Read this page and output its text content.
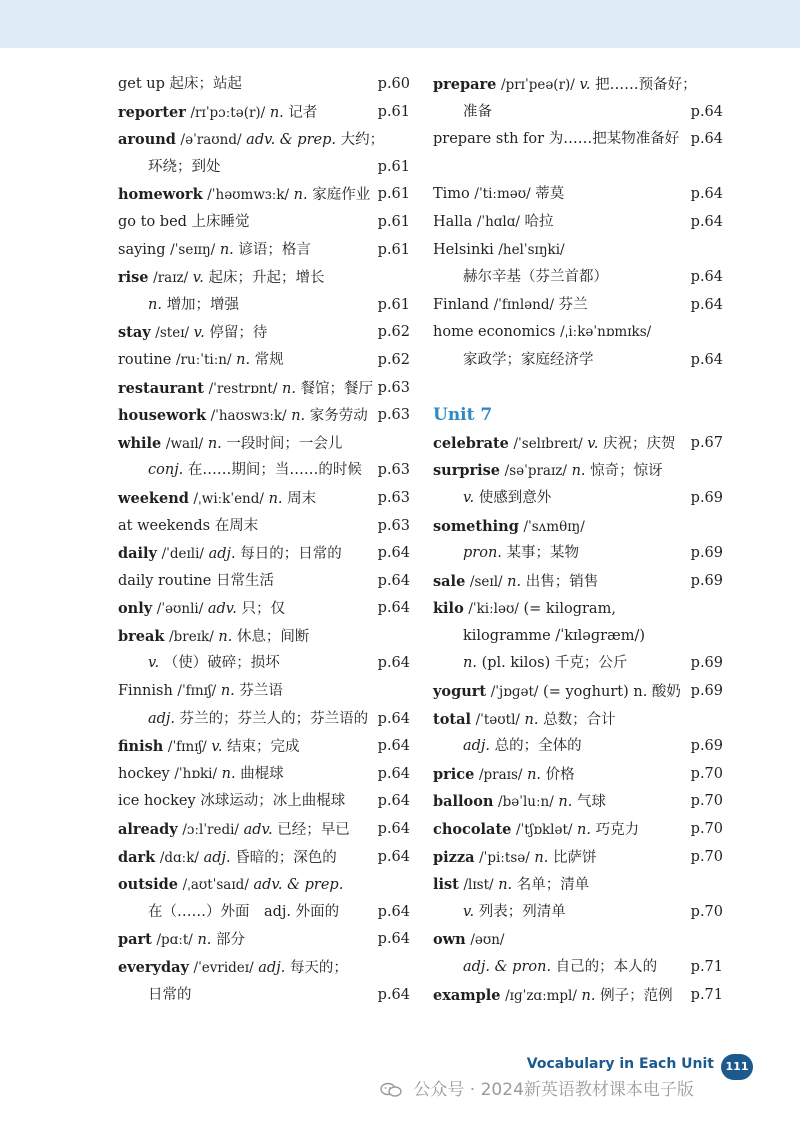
get up 起床；站起	p.60
reporter /rɪˈpɔːtə(r)/ n. 记者	p.61
around /əˈraʊnd/ adv. & prep. 大约；
环绕；到处	p.61
homework /ˈhəʊmwɜːk/ n. 家庭作业 p.61
go to bed 上床睡觉	p.61
saying /ˈseɪɪŋ/ n. 谚语；格言	p.61
rise /raɪz/ v. 起床；升起；增长
n. 增加；增强	p.61
stay /steɪ/ v. 停留；待	p.62
routine /ruːˈtiːn/ n. 常规	p.62
restaurant /ˈrestrɒnt/ n. 餐馆；餐厅 p.63
housework /ˈhaʊswɜːk/ n. 家务劳动 p.63
while /waɪl/ n. 一段时间；一会儿
conj. 在……期间；当……的时候 p.63
weekend /ˌwiːkˈend/ n. 周末	p.63
at weekends 在周末	p.63
daily /ˈdeɪli/ adj. 每日的；日常的 p.64
daily routine 日常生活	p.64
only /ˈəʊnli/ adv. 只；仅	p.64
break /breɪk/ n. 休息；间断
v. （使）破碎；损坏	p.64
Finnish /ˈfɪnɪʃ/ n. 芬兰语
adj. 芬兰的；芬兰人的；芬兰语的 p.64
finish /ˈfɪnɪʃ/ v. 结束；完成	p.64
hockey /ˈhɒki/ n. 曲棍球	p.64
ice hockey 冰球运动；冰上曲棍球 p.64
already /ɔːlˈredi/ adv. 已经；早已 p.64
dark /dɑːk/ adj. 昏暗的；深色的	p.64
outside /ˌaʊtˈsaɪd/ adv. & prep.
在（……）外面　adj. 外面的	p.64
part /pɑːt/ n. 部分	p.64
everyday /ˈevrideɪ/ adj. 每天的；
日常的	p.64
prepare /prɪˈpeə(r)/ v. 把……预备好；
准备	p.64
prepare sth for 为……把某物准备好 p.64
Timo /ˈtiːməʊ/ 蒂莫	p.64
Halla /ˈhɑlɑ/ 哈拉	p.64
Helsinki /helˈsɪŋki/
赫尔辛基（芬兰首都）	p.64
Finland /ˈfɪnlənd/ 芬兰	p.64
home economics /ˌiːkəˈnɒmɪks/
家政学；家庭经济学	p.64
Unit 7
celebrate /ˈselɪbreɪt/ v. 庆祝；庆贺 p.67
surprise /səˈpraɪz/ n. 惊奇；惊讶
v. 使感到意外	p.69
something /ˈsʌmθɪŋ/
pron. 某事；某物	p.69
sale /seɪl/ n. 出售；销售	p.69
kilo /ˈkiːləʊ/ (= kilogram,
kilogramme /ˈkɪləɡræm/)
n. (pl. kilos) 千克；公斤	p.69
yogurt /ˈjɒɡət/ (= yoghurt) n. 酸奶 p.69
total /ˈtəʊtl/ n. 总数；合计
adj. 总的；全体的	p.69
price /praɪs/ n. 价格	p.70
balloon /bəˈluːn/ n. 气球	p.70
chocolate /ˈtʃɒklət/ n. 巧克力	p.70
pizza /ˈpiːtsə/ n. 比萨饼	p.70
list /lɪst/ n. 名单；清单
v. 列表；列清单	p.70
own /əʊn/
adj. & pron. 自己的；本人的 p.71
example /ɪɡˈzɑːmpl/ n. 例子；范例 p.71
Vocabulary in Each Unit	111
公众号 · 2024新英语教材课本电子版
